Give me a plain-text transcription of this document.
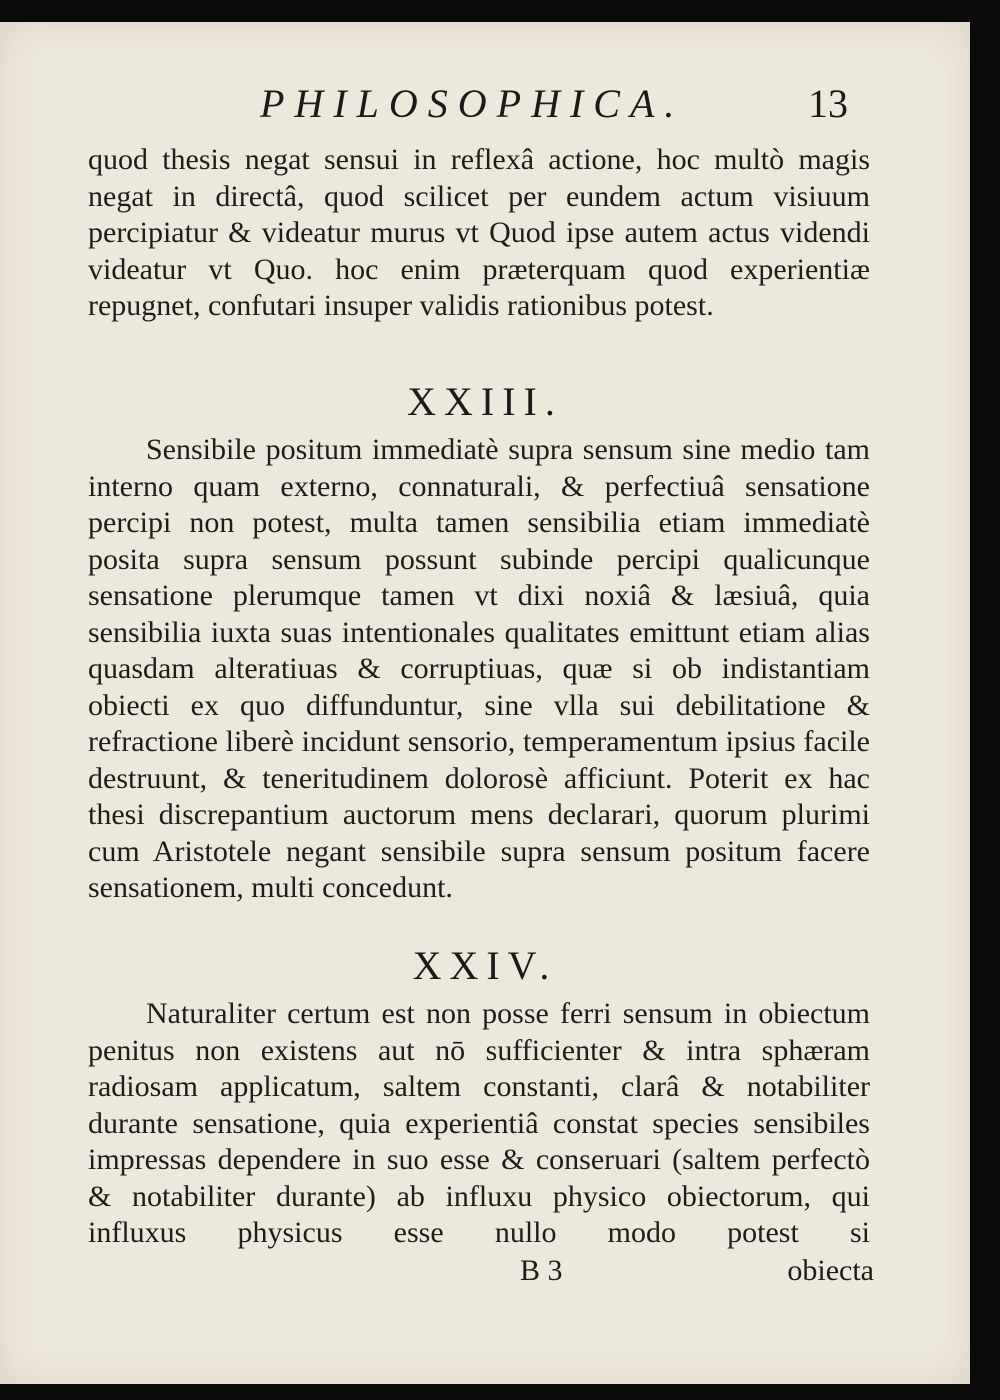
PHILOSOPHICA.	13

quod thesis negat sensui in reflexâ actione, hoc multò magis negat in directâ, quod scilicet per eundem actum visiuum percipiatur & videatur murus vt Quod ipse autem actus videndi videatur vt Quo. hoc enim præterquam quod experientiæ repugnet, confutari insuper validis rationibus potest.

XXIII.

Sensibile positum immediatè supra sensum sine medio tam interno quam externo, connaturali, & perfectiuâ sensatione percipi non potest, multa tamen sensibilia etiam immediatè posita supra sensum possunt subinde percipi qualicunque sensatione plerumque tamen vt dixi noxiâ & læsiuâ, quia sensibilia iuxta suas intentionales qualitates emittunt etiam alias quasdam alteratiuas & corruptiuas, quæ si ob indistantiam obiecti ex quo diffunduntur, sine vlla sui debilitatione & refractione liberè incidunt sensorio, temperamentum ipsius facile destruunt, & teneritudinem dolorosè afficiunt. Poterit ex hac thesi discrepantium auctorum mens declarari, quorum plurimi cum Aristotele negant sensibile supra sensum positum facere sensationem, multi concedunt.

XXIV.

Naturaliter certum est non posse ferri sensum in obiectum penitus non existens aut nō sufficienter & intra sphæram radiosam applicatum, saltem constanti, clarâ & notabiliter durante sensatione, quia experientiâ constat species sensibiles impressas dependere in suo esse & conseruari (saltem perfectò & notabiliter durante) ab influxu physico obiectorum, qui influxus physicus esse nullo modo potest si

B 3	obiecta
